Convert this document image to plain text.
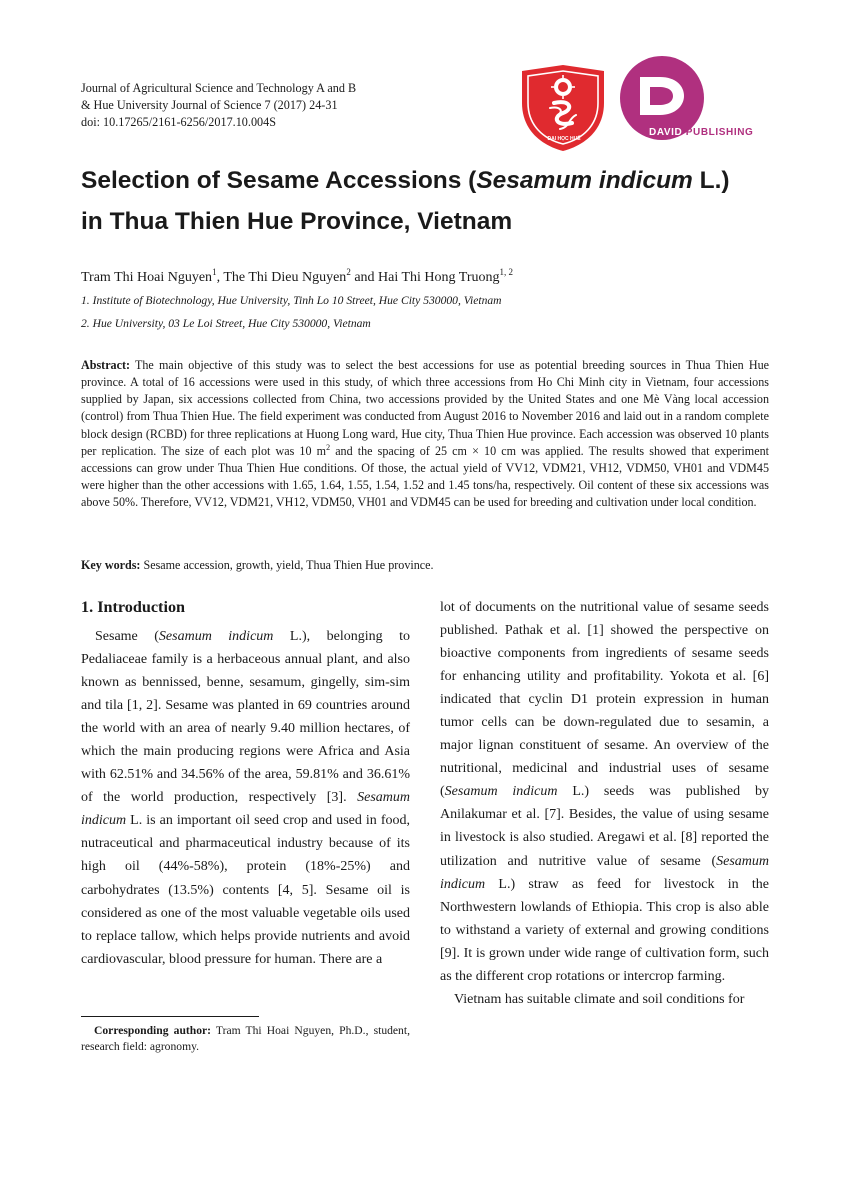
Journal of Agricultural Science and Technology A and B
& Hue University Journal of Science 7 (2017) 24-31
doi: 10.17265/2161-6256/2017.10.004S
ĐẠI HỌC HUẾ
DAVID PUBLISHING
Selection of Sesame Accessions (Sesamum indicum L.)
in Thua Thien Hue Province, Vietnam
Tram Thi Hoai Nguyen$^1$, The Thi Dieu Nguyen$^2$ and Hai Thi Hong Truong$^{1, 2}$
1. Institute of Biotechnology, Hue University, Tinh Lo 10 Street, Hue City 530000, Vietnam
2. Hue University, 03 Le Loi Street, Hue City 530000, Vietnam
Abstract: The main objective of this study was to select the best accessions for use as potential breeding sources in Thua Thien Hue province. A total of 16 accessions were used in this study, of which three accessions from Ho Chi Minh city in Vietnam, four accessions supplied by Japan, six accessions collected from China, two accessions provided by the United States and one Mè Vàng local accession (control) from Thua Thien Hue. The field experiment was conducted from August 2016 to November 2016 and laid out in a random complete block design (RCBD) for three replications at Huong Long ward, Hue city, Thua Thien Hue province. Each accession was observed 10 plants per replication. The size of each plot was 10 $m^2$ and the spacing of 25 cm × 10 cm was applied. The results showed that experiment accessions can grow under Thua Thien Hue conditions. Of those, the actual yield of VV12, VDM21, VH12, VDM50, VH01 and VDM45 were higher than the other accessions with 1.65, 1.64, 1.55, 1.54, 1.52 and 1.45 tons/ha, respectively. Oil content of these six accessions was above 50%. Therefore, VV12, VDM21, VH12, VDM50, VH01 and VDM45 can be used for breeding and cultivation under local condition.
Key words: Sesame accession, growth, yield, Thua Thien Hue province.
1. Introduction

Sesame (Sesamum indicum L.), belonging to Pedaliaceae family is a herbaceous annual plant, and also known as bennissed, benne, sesamum, gingelly, sim-sim and tila [1, 2]. Sesame was planted in 69 countries around the world with an area of nearly 9.40 million hectares, of which the main producing regions were Africa and Asia with 62.51% and 34.56% of the area, 59.81% and 36.61% of the world production, respectively [3]. Sesamum indicum L. is an important oil seed crop and used in food, nutraceutical and pharmaceutical industry because of its high oil (44%-58%), protein (18%-25%) and carbohydrates (13.5%) contents [4, 5]. Sesame oil is considered as one of the most valuable vegetable oils used to replace tallow, which helps provide nutrients and avoid cardiovascular, blood pressure for human. There are a

lot of documents on the nutritional value of sesame seeds published. Pathak et al. [1] showed the perspective on bioactive components from ingredients of sesame seeds for enhancing utility and profitability. Yokota et al. [6] indicated that cyclin D1 protein expression in human tumor cells can be down-regulated due to sesamin, a major lignan constituent of sesame. An overview of the nutritional, medicinal and industrial uses of sesame (Sesamum indicum L.) seeds was published by Anilakumar et al. [7]. Besides, the value of using sesame in livestock is also studied. Aregawi et al. [8] reported the utilization and nutritive value of sesame (Sesamum indicum L.) straw as feed for livestock in the Northwestern lowlands of Ethiopia. This crop is also able to withstand a variety of external and growing conditions [9]. It is grown under wide range of cultivation form, such as the different crop rotations or intercrop farming.

Vietnam has suitable climate and soil conditions for

Corresponding author: Tram Thi Hoai Nguyen, Ph.D., student, research field: agronomy.
